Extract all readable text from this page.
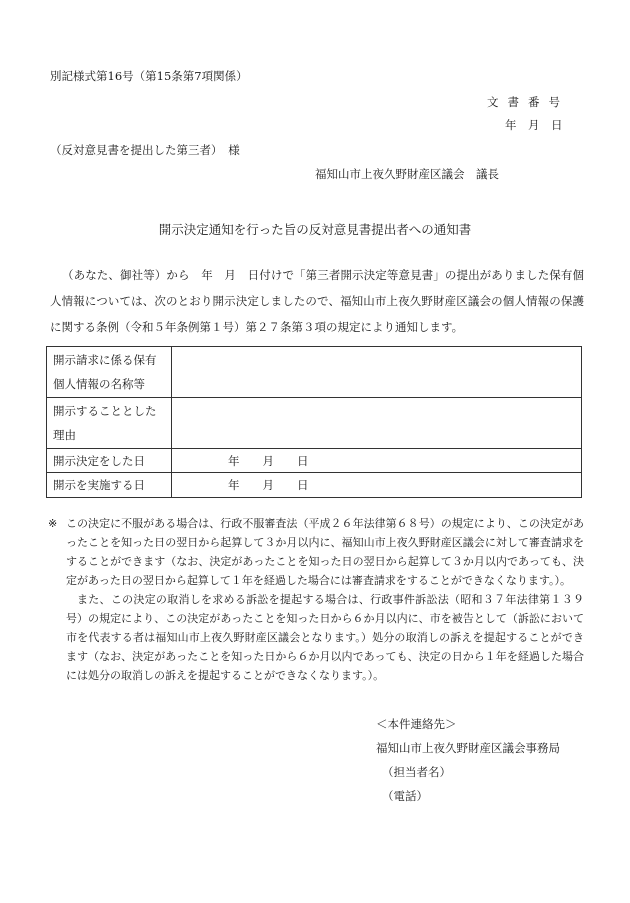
別記様式第16号（第15条第7項関係）
文書番号
年　月　日
（反対意見書を提出した第三者）　様
福知山市上夜久野財産区議会　議長
開示決定通知を行った旨の反対意見書提出者への通知書
（あなた、御社等）から　年　月　日付けで「第三者開示決定等意見書」の提出がありました保有個人情報については、次のとおり開示決定しましたので、福知山市上夜久野財産区議会の個人情報の保護に関する条例（令和５年条例第１号）第２７条第３項の規定により通知します。
開示請求に係る保有個人情報の名称等	
開示することとした理由	
開示決定をした日	年　　月　　日
開示を実施する日	年　　月　　日
※ この決定に不服がある場合は、行政不服審査法（平成２６年法律第６８号）の規定により、この決定があったことを知った日の翌日から起算して３か月以内に、福知山市上夜久野財産区議会に対して審査請求をすることができます（なお、決定があったことを知った日の翌日から起算して３か月以内であっても、決定があった日の翌日から起算して１年を経過した場合には審査請求をすることができなくなります。）。

また、この決定の取消しを求める訴訟を提起する場合は、行政事件訴訟法（昭和３７年法律第１３９号）の規定により、この決定があったことを知った日から６か月以内に、市を被告として（訴訟において市を代表する者は福知山市上夜久野財産区議会となります。）処分の取消しの訴えを提起することができます（なお、決定があったことを知った日から６か月以内であっても、決定の日から１年を経過した場合には処分の取消しの訴えを提起することができなくなります。）。

＜本件連絡先＞
福知山市上夜久野財産区議会事務局
（担当者名）
（電話）
